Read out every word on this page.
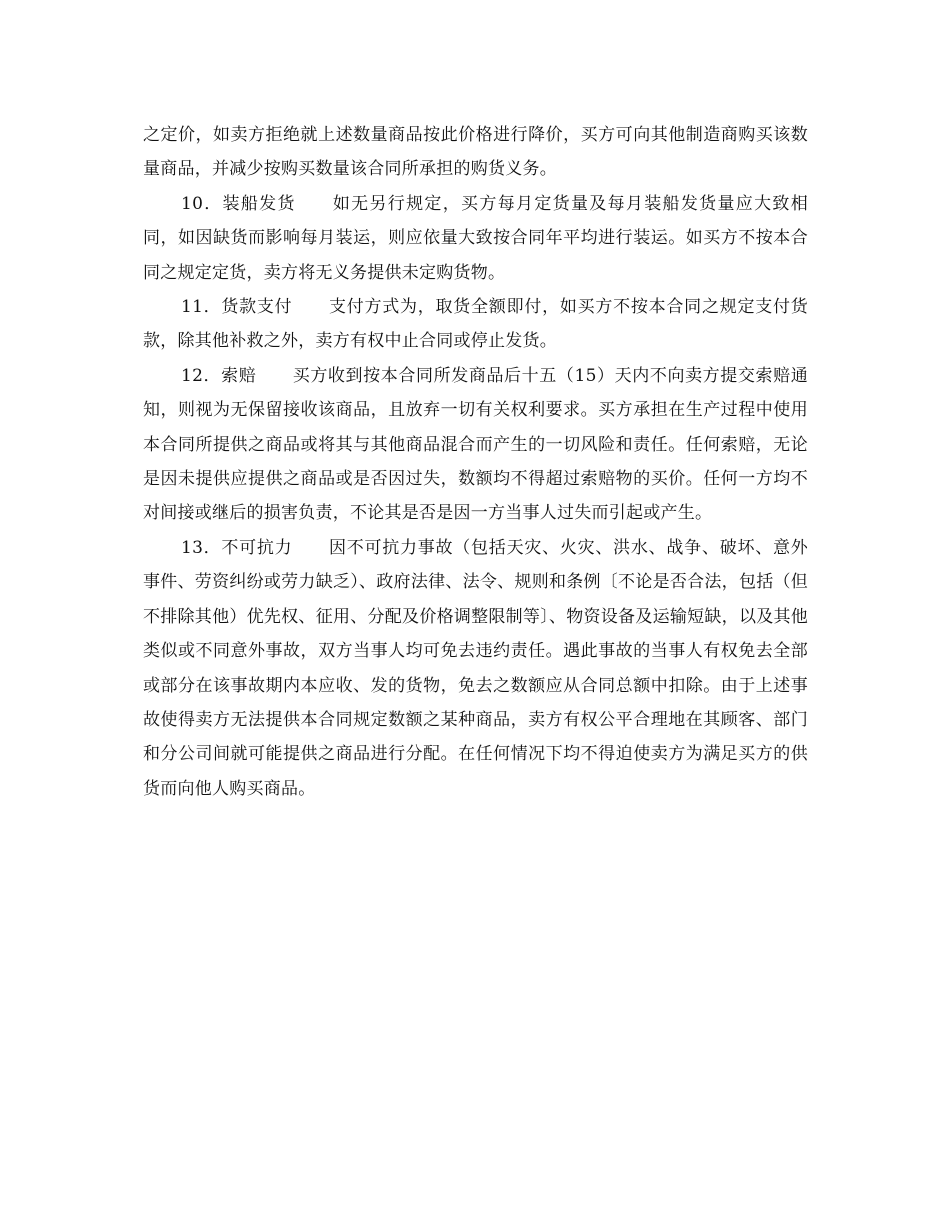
之定价，如卖方拒绝就上述数量商品按此价格进行降价，买方可向其他制造商购买该数量商品，并减少按购买数量该合同所承担的购货义务。

10．装船发货 如无另行规定，买方每月定货量及每月装船发货量应大致相同，如因缺货而影响每月装运，则应依量大致按合同年平均进行装运。如买方不按本合同之规定定货，卖方将无义务提供未定购货物。

11．货款支付 支付方式为，取货全额即付，如买方不按本合同之规定支付货款，除其他补救之外，卖方有权中止合同或停止发货。

12．索赔 买方收到按本合同所发商品后十五（15）天内不向卖方提交索赔通知，则视为无保留接收该商品，且放弃一切有关权利要求。买方承担在生产过程中使用本合同所提供之商品或将其与其他商品混合而产生的一切风险和责任。任何索赔，无论是因未提供应提供之商品或是否因过失，数额均不得超过索赔物的买价。任何一方均不对间接或继后的损害负责，不论其是否是因一方当事人过失而引起或产生。

13．不可抗力 因不可抗力事故（包括天灾、火灾、洪水、战争、破坏、意外事件、劳资纠纷或劳力缺乏）、政府法律、法令、规则和条例〔不论是否合法，包括（但不排除其他）优先权、征用、分配及价格调整限制等〕、物资设备及运输短缺，以及其他类似或不同意外事故，双方当事人均可免去违约责任。遇此事故的当事人有权免去全部或部分在该事故期内本应收、发的货物，免去之数额应从合同总额中扣除。由于上述事故使得卖方无法提供本合同规定数额之某种商品，卖方有权公平合理地在其顾客、部门和分公司间就可能提供之商品进行分配。在任何情况下均不得迫使卖方为满足买方的供货而向他人购买商品。
